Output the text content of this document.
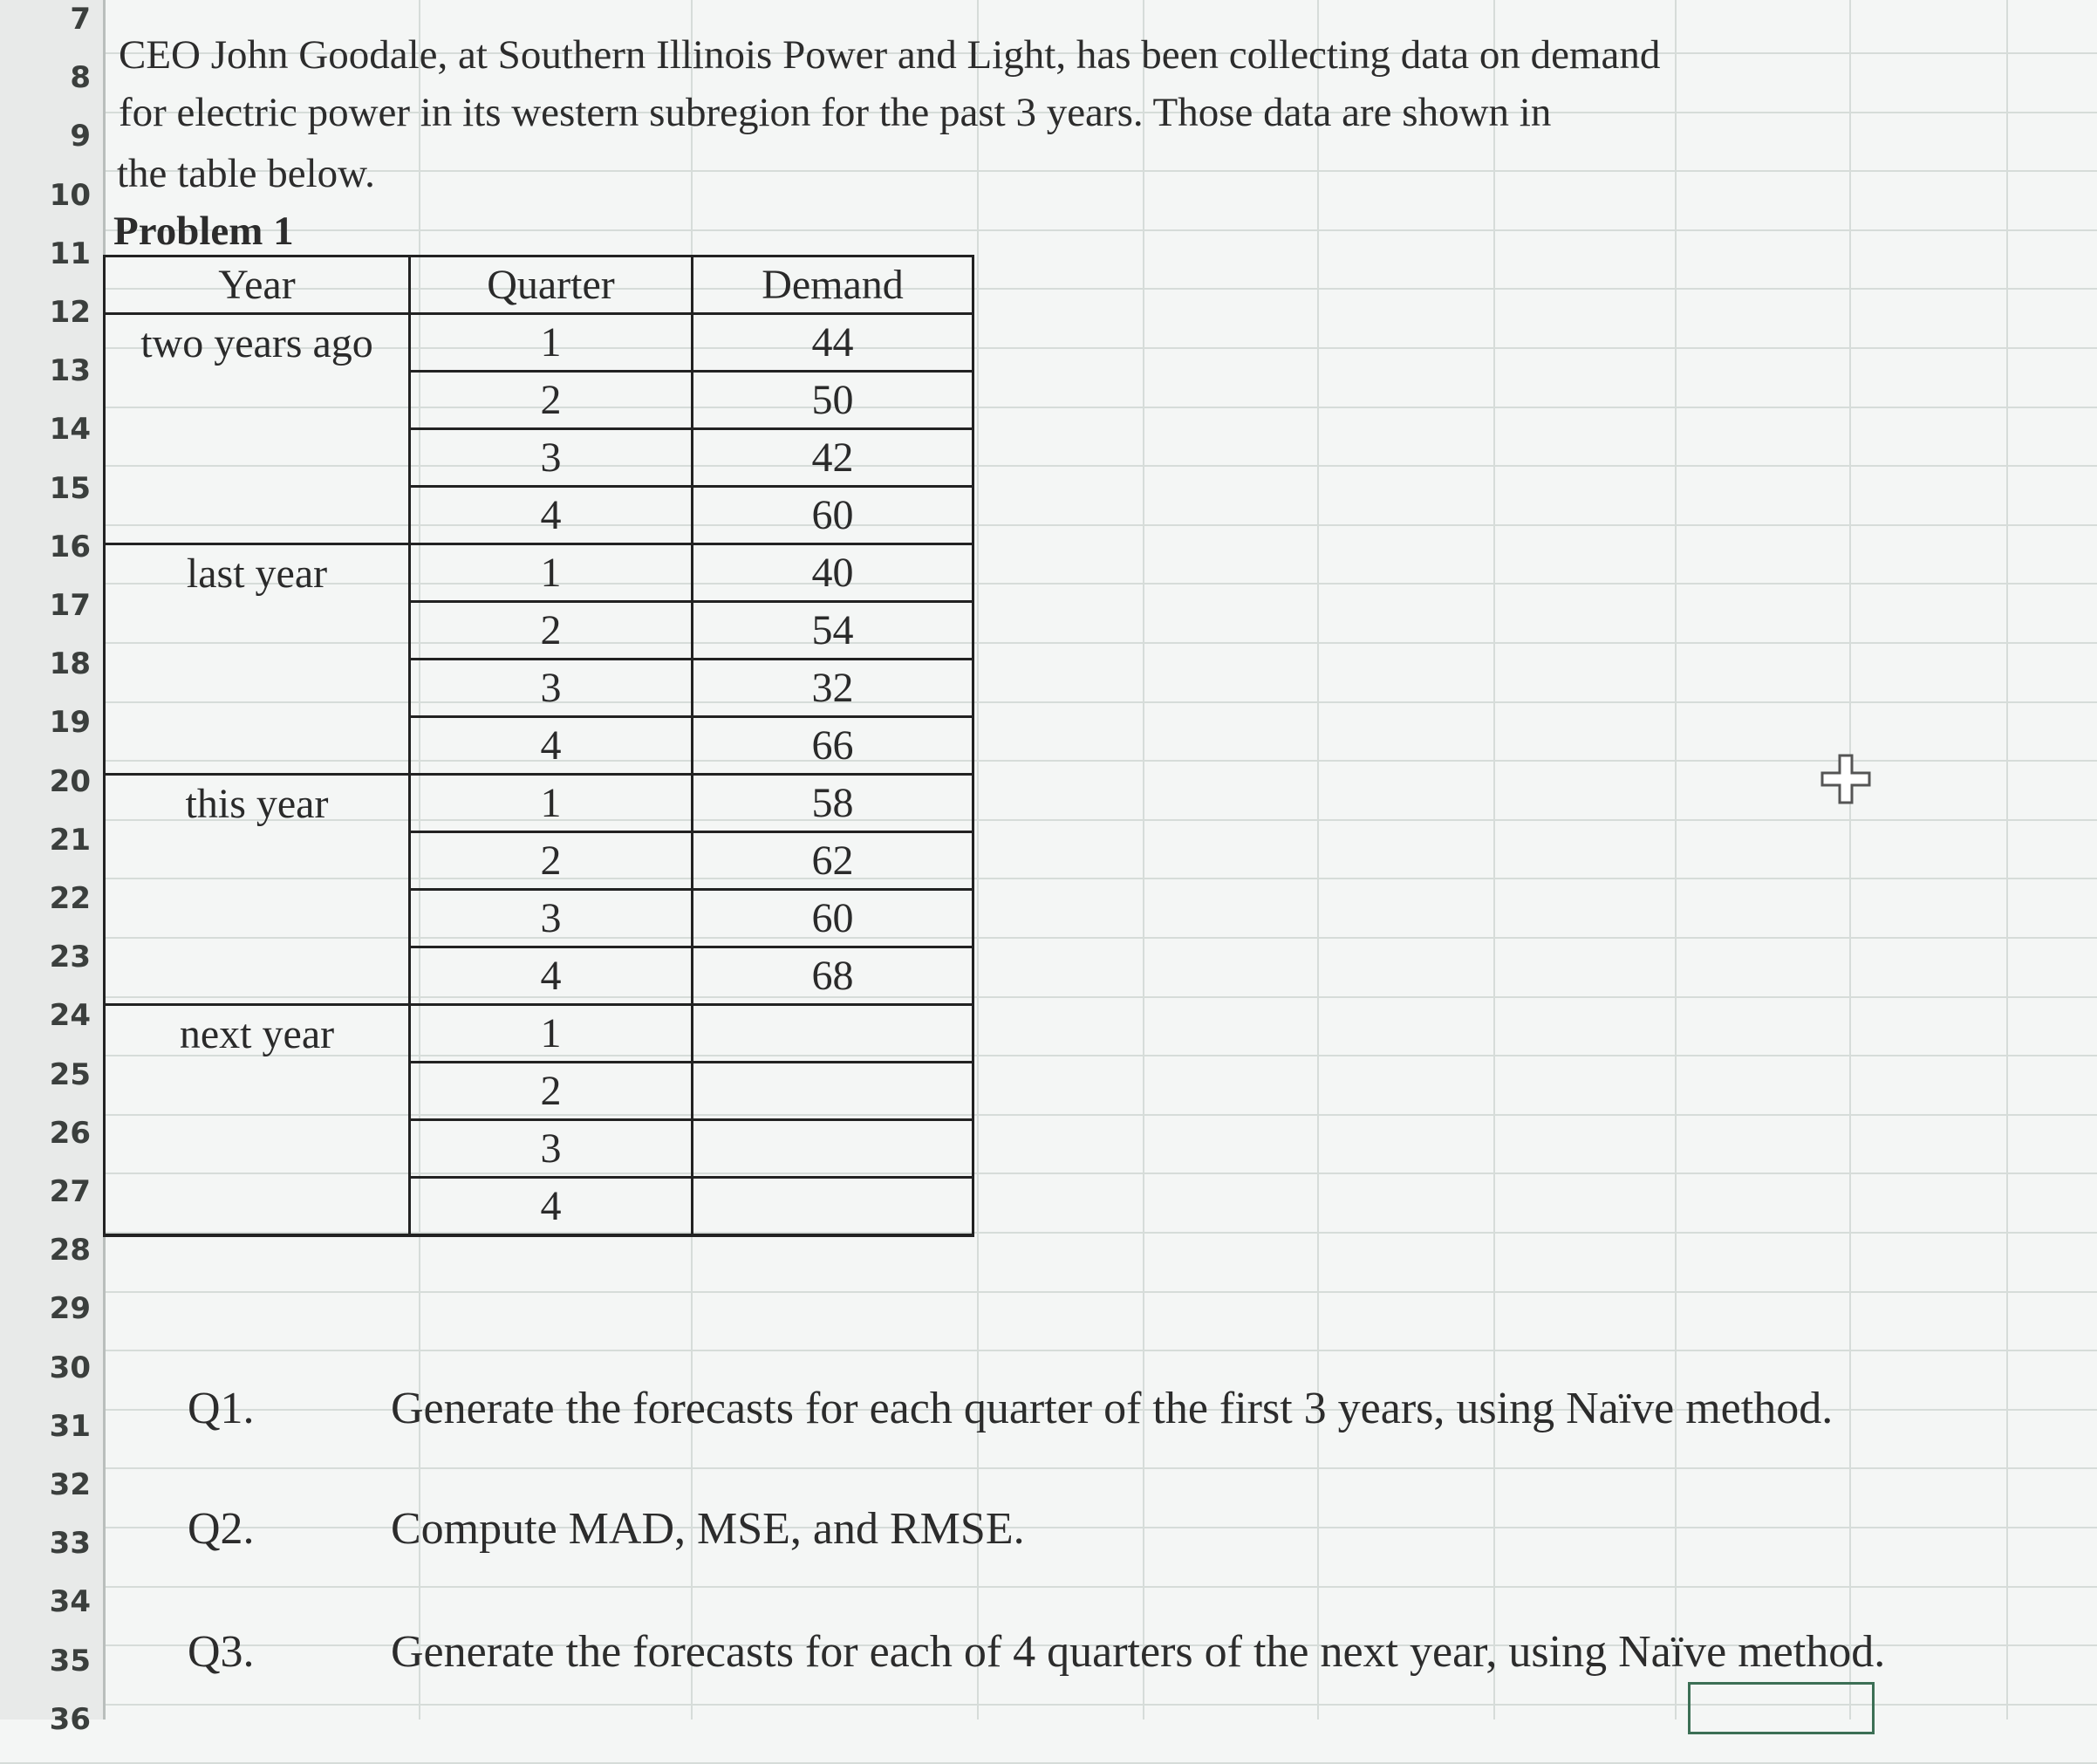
7
8
9
10
11
12
13
14
15
16
17
18
19
20
21
22
23
24
25
26
27
28
29
30
31
32
33
34
35
36
CEO John Goodale, at Southern Illinois Power and Light, has been collecting data on demand
for electric power in its western subregion for the past 3 years. Those data are shown in
the table below.
Problem 1
Year	Quarter	Demand
two years ago	1	44
	2	50
	3	42
	4	60
last year	1	40
	2	54
	3	32
	4	66
this year	1	58
	2	62
	3	60
	4	68
next year	1	
	2	
	3	
	4	
Q1.	Generate the forecasts for each quarter of the first 3 years, using Naïve method.
Q2.	Compute MAD, MSE, and RMSE.
Q3.	Generate the forecasts for each of 4 quarters of the next year, using Naïve method.
